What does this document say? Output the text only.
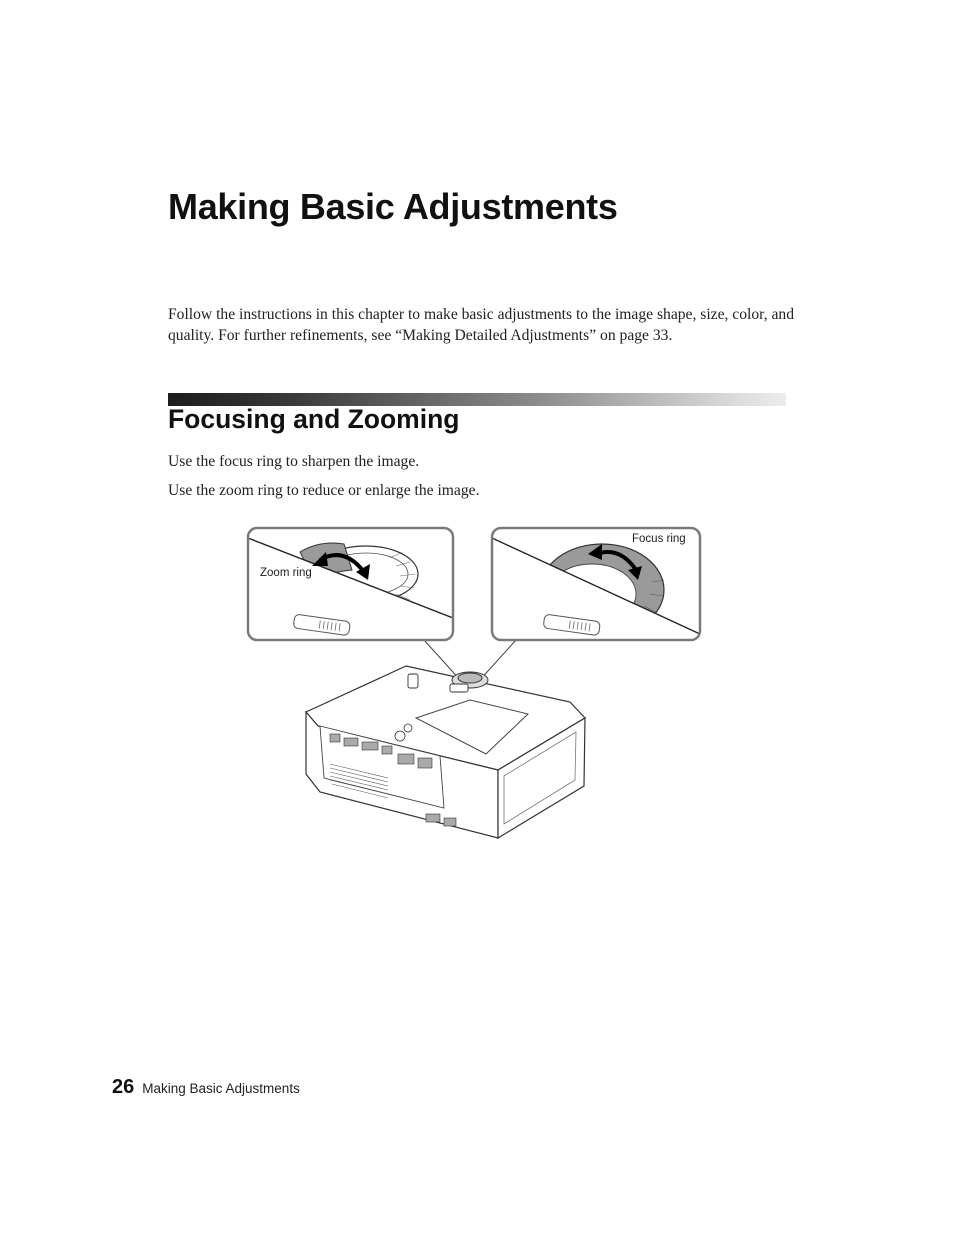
Making Basic Adjustments

Follow the instructions in this chapter to make basic adjustments to the image shape, size, color, and quality. For further refinements, see “Making Detailed Adjustments” on page 33.

Focusing and Zooming

Use the focus ring to sharpen the image.

Use the zoom ring to reduce or enlarge the image.

Zoom ring
Focus ring
26 Making Basic Adjustments
